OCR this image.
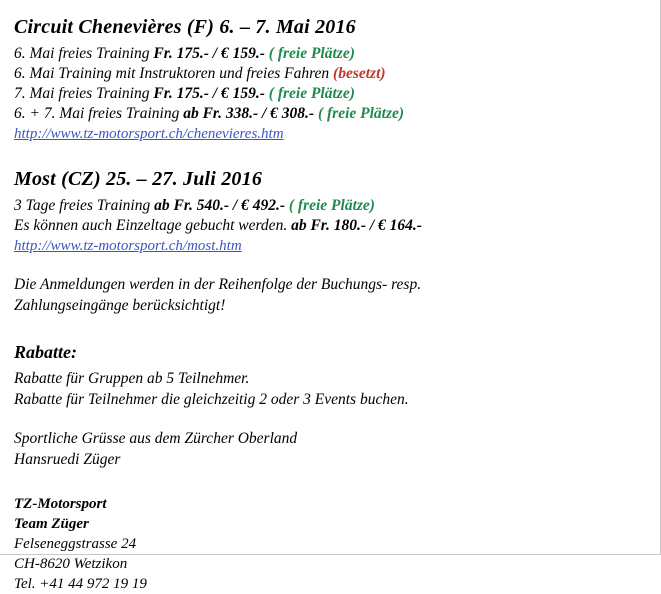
Circuit Chenevières (F) 6. – 7. Mai 2016
6. Mai freies Training Fr. 175.- / € 159.- ( freie Plätze)
6. Mai Training mit Instruktoren und freies Fahren (besetzt)
7. Mai freies Training Fr. 175.- / € 159.- ( freie Plätze)
6. + 7. Mai freies Training ab Fr. 338.- / € 308.- ( freie Plätze)
http://www.tz-motorsport.ch/chenevieres.htm
Most (CZ) 25. – 27. Juli 2016
3 Tage freies Training ab Fr. 540.- / € 492.- ( freie Plätze)
Es können auch Einzeltage gebucht werden. ab Fr. 180.- / € 164.-
http://www.tz-motorsport.ch/most.htm
Die Anmeldungen werden in der Reihenfolge der Buchungs- resp.
Zahlungseingänge berücksichtigt!
Rabatte:
Rabatte für Gruppen ab 5 Teilnehmer.
Rabatte für Teilnehmer die gleichzeitig 2 oder 3 Events buchen.
Sportliche Grüsse aus dem Zürcher Oberland
Hansruedi Züger
TZ-Motorsport
Team Züger
Felseneggstrasse 24
CH-8620 Wetzikon
Tel. +41 44 972 19 19
